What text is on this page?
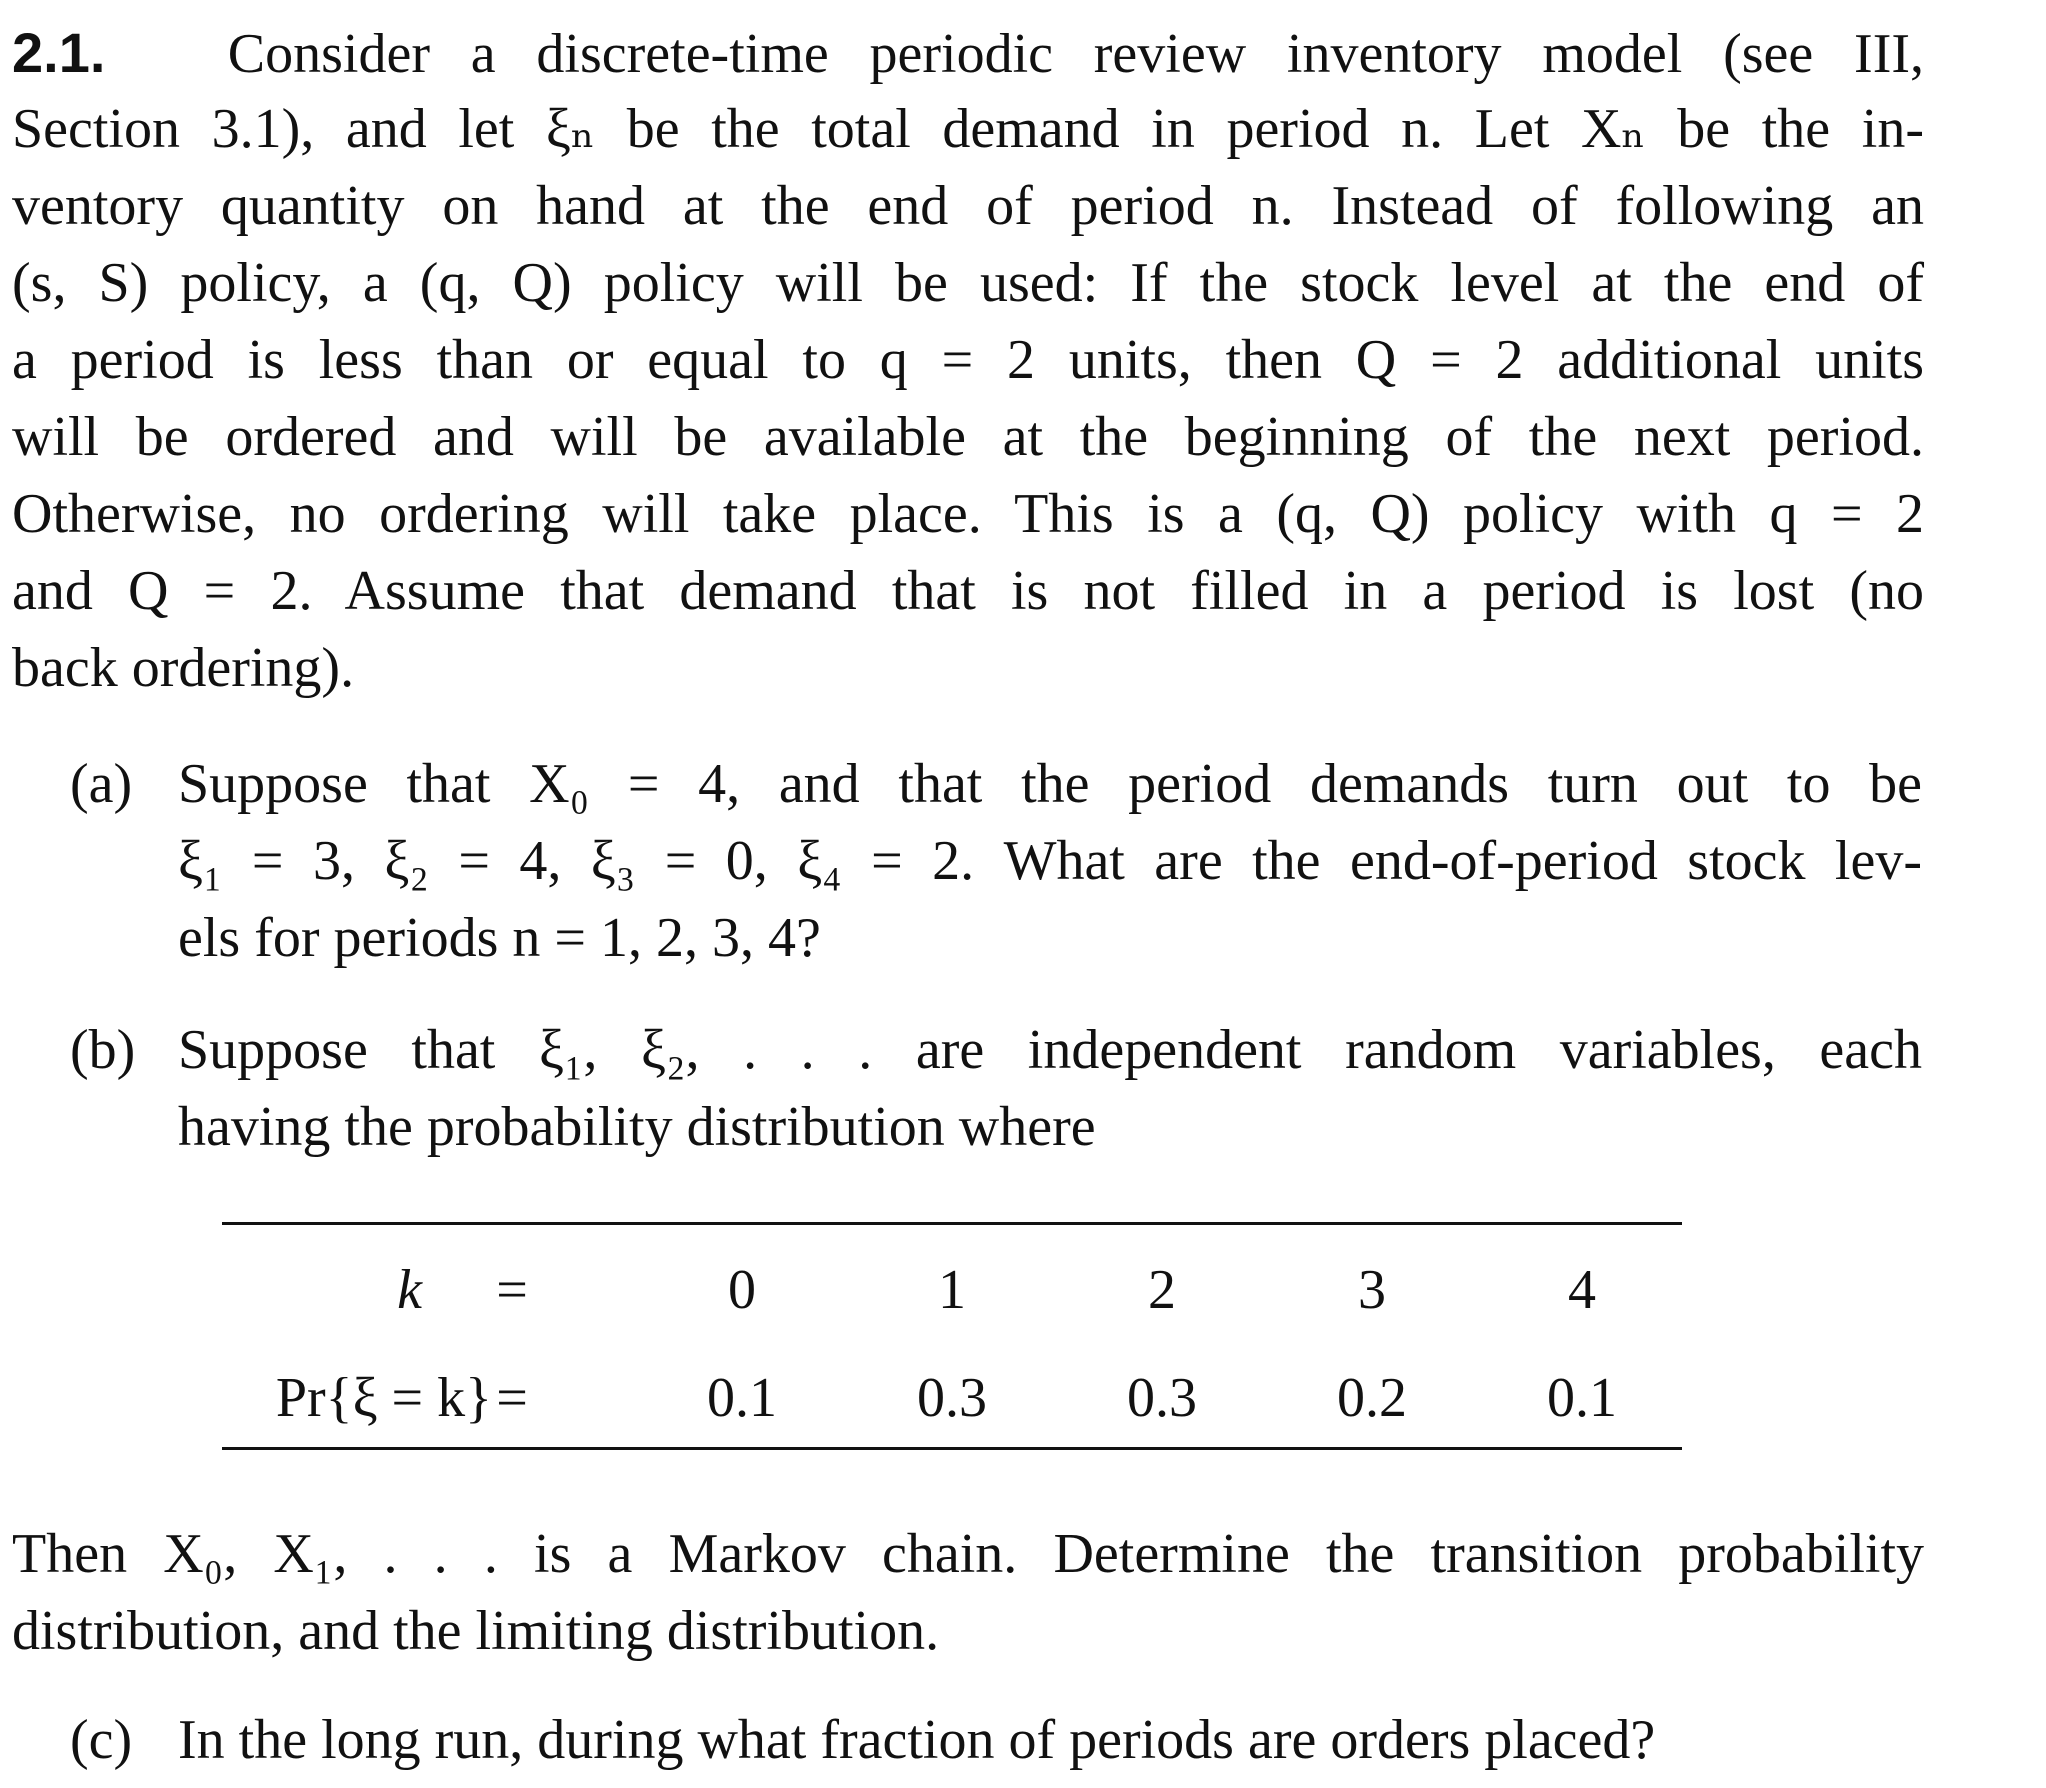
2.1. Consider a discrete-time periodic review inventory model (see III,
Section 3.1), and let ξₙ be the total demand in period n. Let Xₙ be the in-
ventory quantity on hand at the end of period n. Instead of following an
(s, S) policy, a (q, Q) policy will be used: If the stock level at the end of
a period is less than or equal to q = 2 units, then Q = 2 additional units
will be ordered and will be available at the beginning of the next period.
Otherwise, no ordering will take place. This is a (q, Q) policy with q = 2
and Q = 2. Assume that demand that is not filled in a period is lost (no
back ordering).
(a) Suppose that X₀ = 4, and that the period demands turn out to be
ξ₁ = 3, ξ₂ = 4, ξ₃ = 0, ξ₄ = 2. What are the end-of-period stock lev-
els for periods n = 1, 2, 3, 4?
(b) Suppose that ξ₁, ξ₂, . . . are independent random variables, each
having the probability distribution where
k	=	0	1	2	3	4
Pr{ξ = k} =	0.1	0.3	0.3	0.2	0.1
Then X₀, X₁, . . . is a Markov chain. Determine the transition probability
distribution, and the limiting distribution.
(c) In the long run, during what fraction of periods are orders placed?
